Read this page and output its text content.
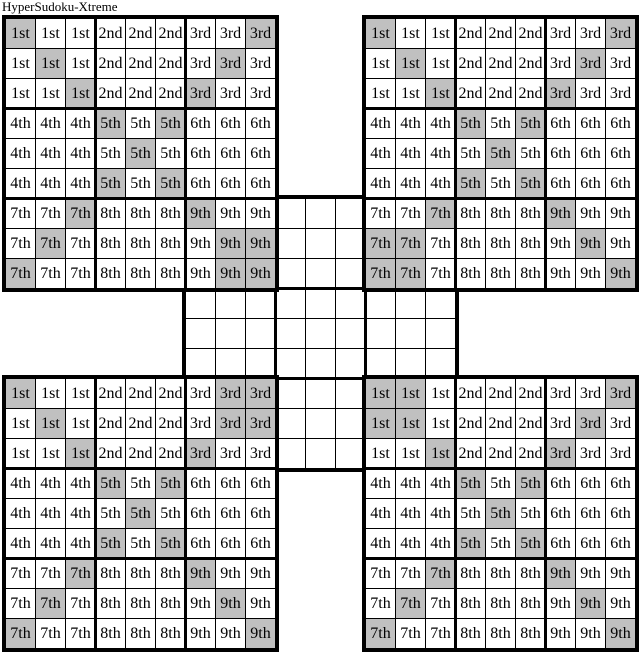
HyperSudoku-Xtreme
1st 1st 1st 2nd 2nd 2nd 3rd 3rd 3rd
1st 1st 1st 2nd 2nd 2nd 3rd 3rd 3rd
1st 1st 1st 2nd 2nd 2nd 3rd 3rd 3rd
4th 4th 4th 5th 5th 5th 6th 6th 6th
4th 4th 4th 5th 5th 5th 6th 6th 6th
4th 4th 4th 5th 5th 5th 6th 6th 6th
7th 7th 7th 8th 8th 8th 9th 9th 9th
7th 7th 7th 8th 8th 8th 9th 9th 9th
7th 7th 7th 8th 8th 8th 9th 9th 9th
1st 1st 1st 2nd 2nd 2nd 3rd 3rd 3rd
1st 1st 1st 2nd 2nd 2nd 3rd 3rd 3rd
1st 1st 1st 2nd 2nd 2nd 3rd 3rd 3rd
4th 4th 4th 5th 5th 5th 6th 6th 6th
4th 4th 4th 5th 5th 5th 6th 6th 6th
4th 4th 4th 5th 5th 5th 6th 6th 6th
7th 7th 7th 8th 8th 8th 9th 9th 9th
7th 7th 7th 8th 8th 8th 9th 9th 9th
7th 7th 7th 8th 8th 8th 9th 9th 9th
1st 1st 1st 2nd 2nd 2nd 3rd 3rd 3rd
1st 1st 1st 2nd 2nd 2nd 3rd 3rd 3rd
1st 1st 1st 2nd 2nd 2nd 3rd 3rd 3rd
4th 4th 4th 5th 5th 5th 6th 6th 6th
4th 4th 4th 5th 5th 5th 6th 6th 6th
4th 4th 4th 5th 5th 5th 6th 6th 6th
7th 7th 7th 8th 8th 8th 9th 9th 9th
7th 7th 7th 8th 8th 8th 9th 9th 9th
7th 7th 7th 8th 8th 8th 9th 9th 9th
1st 1st 1st 2nd 2nd 2nd 3rd 3rd 3rd
1st 1st 1st 2nd 2nd 2nd 3rd 3rd 3rd
1st 1st 1st 2nd 2nd 2nd 3rd 3rd 3rd
4th 4th 4th 5th 5th 5th 6th 6th 6th
4th 4th 4th 5th 5th 5th 6th 6th 6th
4th 4th 4th 5th 5th 5th 6th 6th 6th
7th 7th 7th 8th 8th 8th 9th 9th 9th
7th 7th 7th 8th 8th 8th 9th 9th 9th
7th 7th 7th 8th 8th 8th 9th 9th 9th
